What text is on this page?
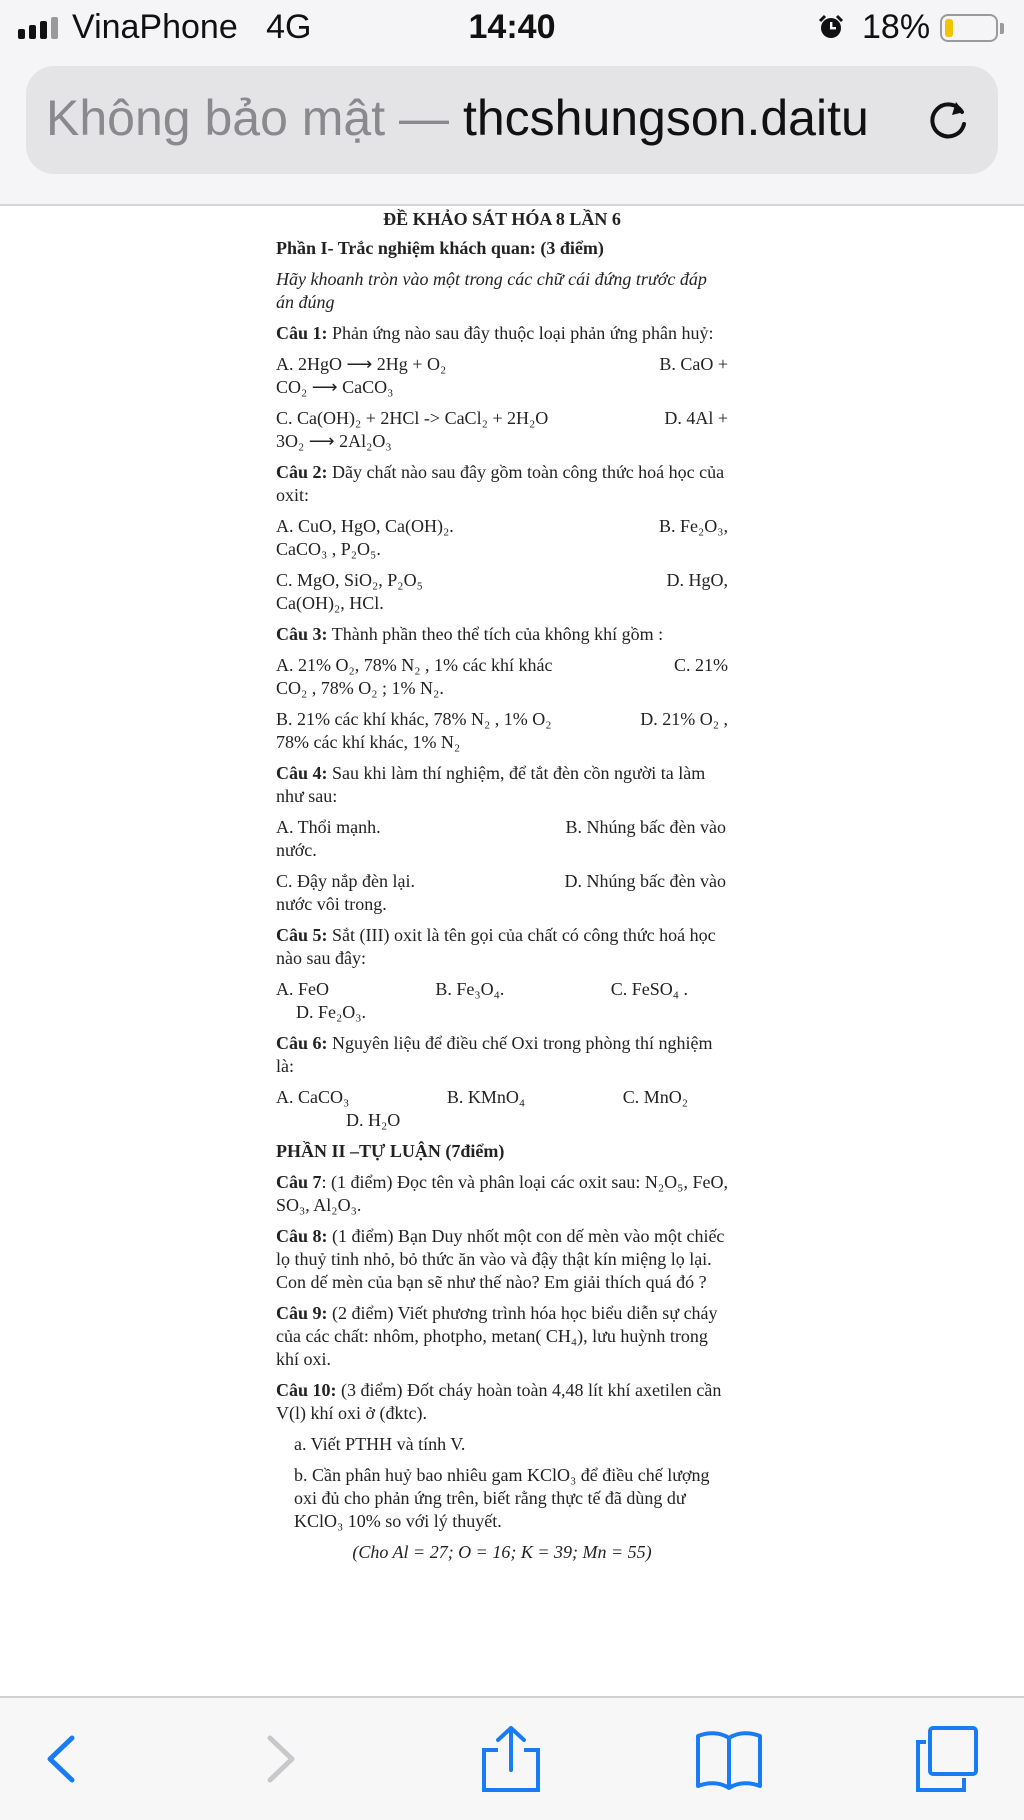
VinaPhone 4G	14:40	18%
Không bảo mật — thcshungson.daitu

ĐỀ KHẢO SÁT HÓA 8 LẦN 6

Phần I- Trắc nghiệm khách quan: (3 điểm)

Hãy khoanh tròn vào một trong các chữ cái đứng trước đáp án đúng

Câu 1: Phản ứng nào sau đây thuộc loại phản ứng phân huỷ:

A. 2HgO ⟶ 2Hg + O₂	B. CaO +
CO₂ ⟶ CaCO₃
C. Ca(OH)₂ + 2HCl -> CaCl₂ + 2H₂O	D. 4Al +
3O₂ ⟶ 2Al₂O₃

Câu 2: Dãy chất nào sau đây gồm toàn công thức hoá học của oxit:

A. CuO, HgO, Ca(OH)₂.	B. Fe₂O₃,
CaCO₃ , P₂O₅.
C. MgO, SiO₂, P₂O₅	D. HgO,
Ca(OH)₂, HCl.

Câu 3: Thành phần theo thể tích của không khí gồm :

A. 21% O₂, 78% N₂ , 1% các khí khác	C. 21%
CO₂ , 78% O₂ ; 1% N₂.
B. 21% các khí khác, 78% N₂ , 1% O₂	D. 21% O₂ ,
78% các khí khác, 1% N₂

Câu 4: Sau khi làm thí nghiệm, để tắt đèn cồn người ta làm như sau:

A. Thổi mạnh.	B. Nhúng bấc đèn vào
nước.
C. Đậy nắp đèn lại.	D. Nhúng bấc đèn vào
nước vôi trong.

Câu 5: Sắt (III) oxit là tên gọi của chất có công thức hoá học nào sau đây:

A. FeO	B. Fe₃O₄.	C. FeSO₄ .
D. Fe₂O₃.

Câu 6: Nguyên liệu để điều chế Oxi trong phòng thí nghiệm là:

A. CaCO₃	B. KMnO₄	C. MnO₂
D. H₂O

PHẦN II –TỰ LUẬN (7điểm)

Câu 7: (1 điểm) Đọc tên và phân loại các oxit sau: N₂O₅, FeO, SO₃, Al₂O₃.

Câu 8: (1 điểm) Bạn Duy nhốt một con dế mèn vào một chiếc lọ thuỷ tinh nhỏ, bỏ thức ăn vào và đậy thật kín miệng lọ lại. Con dế mèn của bạn sẽ như thế nào? Em giải thích quá đó ?

Câu 9: (2 điểm) Viết phương trình hóa học biểu diễn sự cháy của các chất: nhôm, photpho, metan( CH₄), lưu huỳnh trong khí oxi.

Câu 10: (3 điểm) Đốt cháy hoàn toàn 4,48 lít khí axetilen cần V(l) khí oxi ở (đktc).

a. Viết PTHH và tính V.

b. Cần phân huỷ bao nhiêu gam KClO₃ để điều chế lượng oxi đủ cho phản ứng trên, biết rằng thực tế đã dùng dư KClO₃ 10% so với lý thuyết.

(Cho Al = 27; O = 16; K = 39; Mn = 55)
